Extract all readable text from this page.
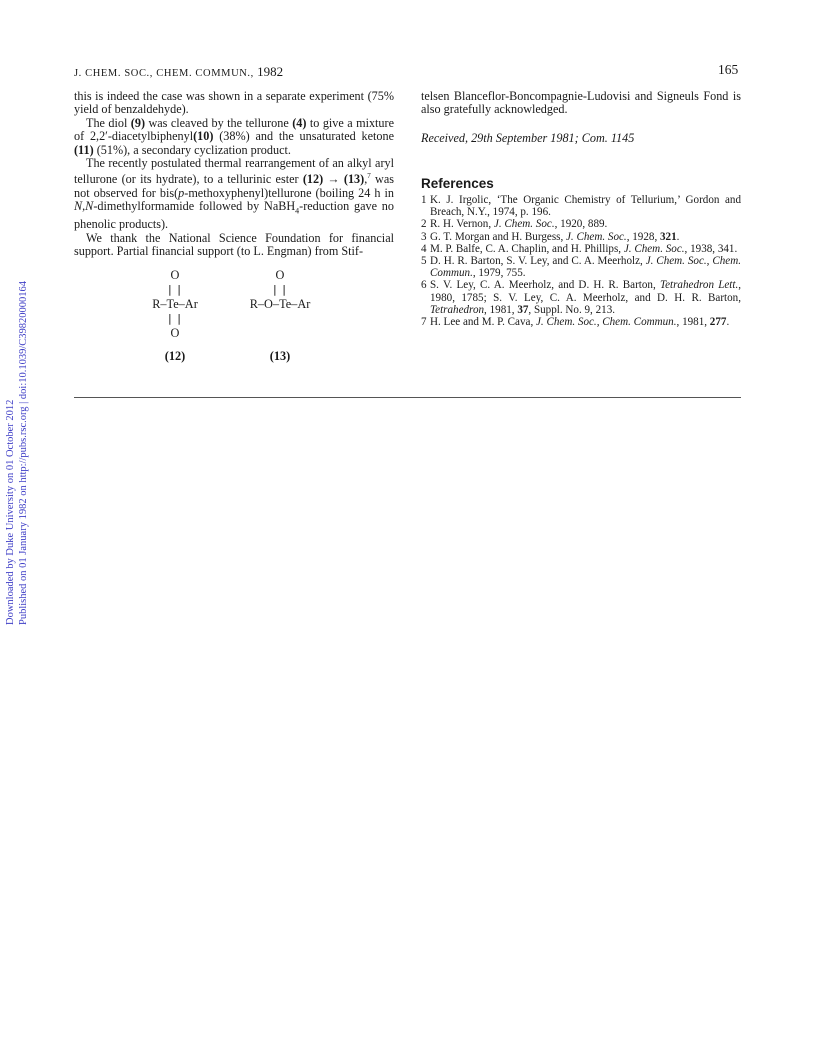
J. CHEM. SOC., CHEM. COMMUN., 1982	165

this is indeed the case was shown in a separate experiment (75% yield of benzaldehyde).

The diol (9) was cleaved by the tellurone (4) to give a mixture of 2,2′-diacetylbiphenyl(10) (38%) and the unsaturated ketone (11) (51%), a secondary cyclization product.

The recently postulated thermal rearrangement of an alkyl aryl tellurone (or its hydrate), to a tellurinic ester (12) → (13),$^7$ was not observed for bis(p-methoxyphenyl)tellurone (boiling 24 h in N,N-dimethylformamide followed by NaBH$_4$-reduction gave no phenolic products).

We thank the National Science Foundation for financial support. Partial financial support (to L. Engman) from Stif-

O
| |
R–Te–Ar
| |
O
(12)
O
| |
R–O–Te–Ar
(13)

telsen Blanceflor-Boncompagnie-Ludovisi and Signeuls Fond is also gratefully acknowledged.

Received, 29th September 1981; Com. 1145
References
1 K. J. Irgolic, ‘The Organic Chemistry of Tellurium,’ Gordon and Breach, N.Y., 1974, p. 196.
2 R. H. Vernon, J. Chem. Soc., 1920, 889.
3 G. T. Morgan and H. Burgess, J. Chem. Soc., 1928, 321.
4 M. P. Balfe, C. A. Chaplin, and H. Phillips, J. Chem. Soc., 1938, 341.
5 D. H. R. Barton, S. V. Ley, and C. A. Meerholz, J. Chem. Soc., Chem. Commun., 1979, 755.
6 S. V. Ley, C. A. Meerholz, and D. H. R. Barton, Tetrahedron Lett., 1980, 1785; S. V. Ley, C. A. Meerholz, and D. H. R. Barton, Tetrahedron, 1981, 37, Suppl. No. 9, 213.
7 H. Lee and M. P. Cava, J. Chem. Soc., Chem. Commun., 1981, 277.
Downloaded by Duke University on 01 October 2012 Published on 01 January 1982 on http://pubs.rsc.org | doi:10.1039/C39820000164
